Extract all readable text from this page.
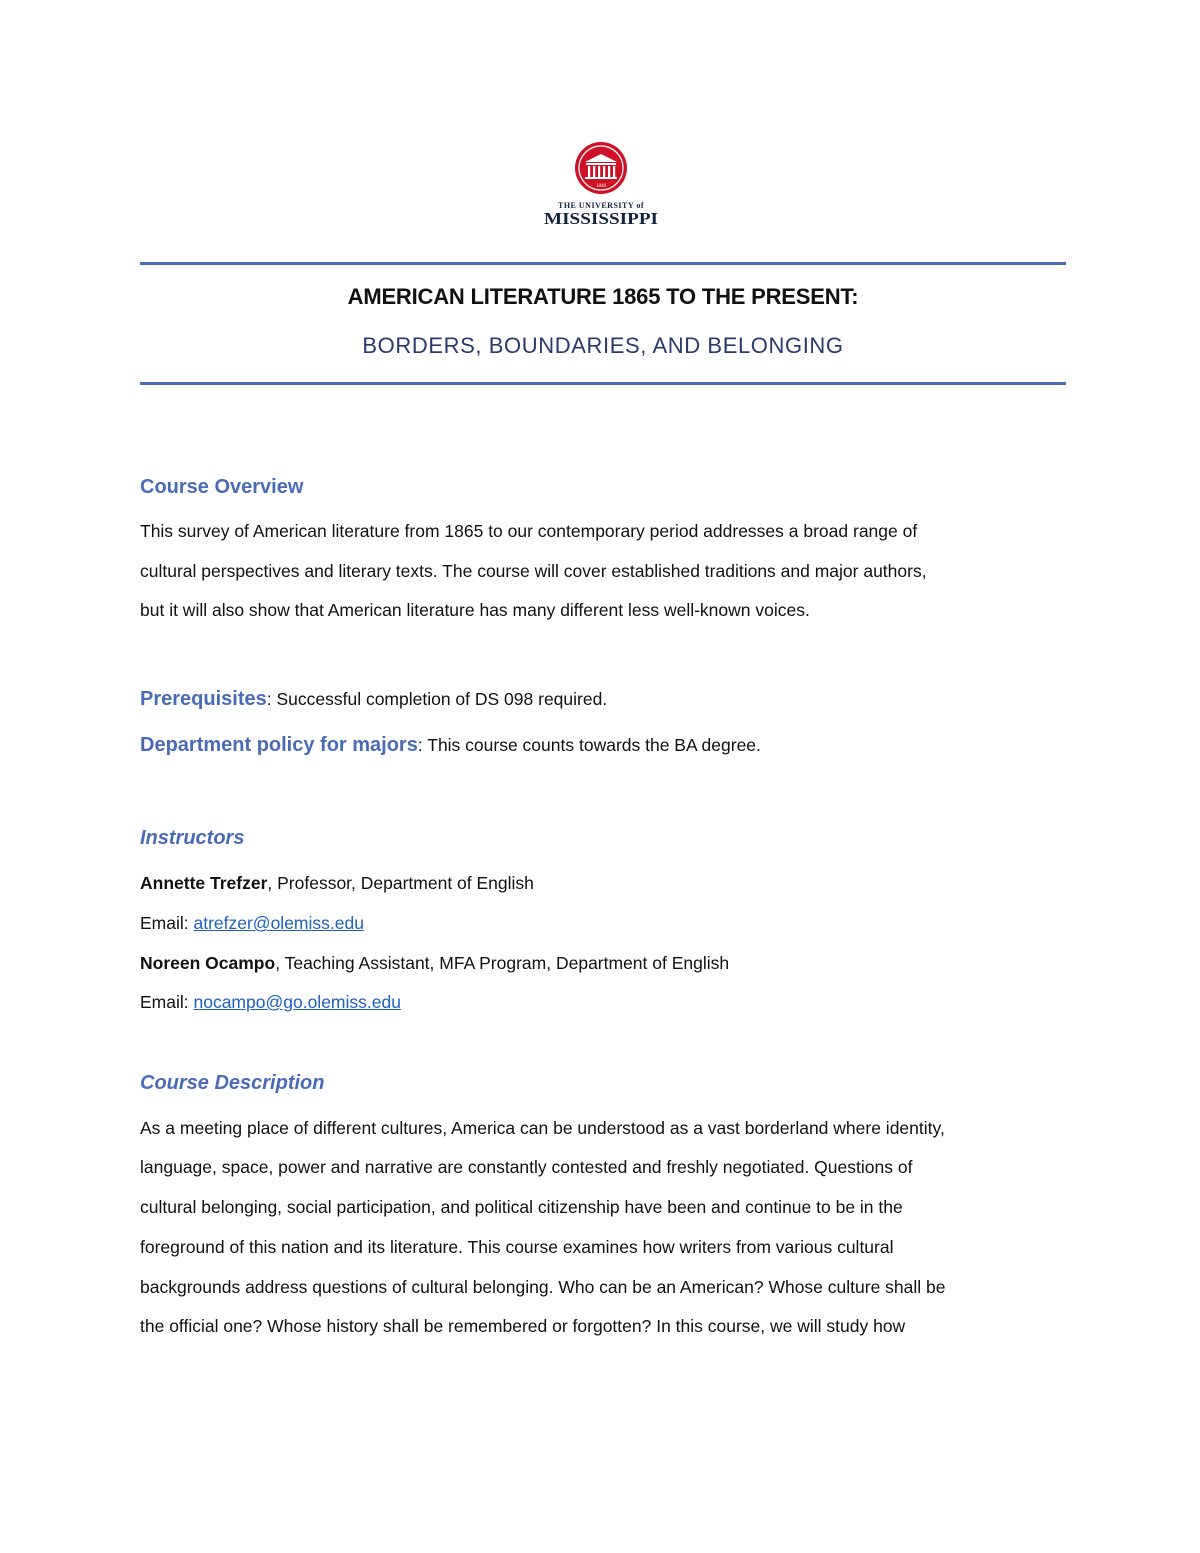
1848
THE UNIVERSITY of
MISSISSIPPI
AMERICAN LITERATURE 1865 TO THE PRESENT:
BORDERS, BOUNDARIES, AND BELONGING
Course Overview
This survey of American literature from 1865 to our contemporary period addresses a broad range of
cultural perspectives and literary texts. The course will cover established traditions and major authors,
but it will also show that American literature has many different less well-known voices.
Prerequisites: Successful completion of DS 098 required.
Department policy for majors: This course counts towards the BA degree.
Instructors
Annette Trefzer, Professor, Department of English
Email: atrefzer@olemiss.edu
Noreen Ocampo, Teaching Assistant, MFA Program, Department of English
Email: nocampo@go.olemiss.edu
Course Description
As a meeting place of different cultures, America can be understood as a vast borderland where identity,
language, space, power and narrative are constantly contested and freshly negotiated. Questions of
cultural belonging, social participation, and political citizenship have been and continue to be in the
foreground of this nation and its literature. This course examines how writers from various cultural
backgrounds address questions of cultural belonging. Who can be an American? Whose culture shall be
the official one? Whose history shall be remembered or forgotten? In this course, we will study how
